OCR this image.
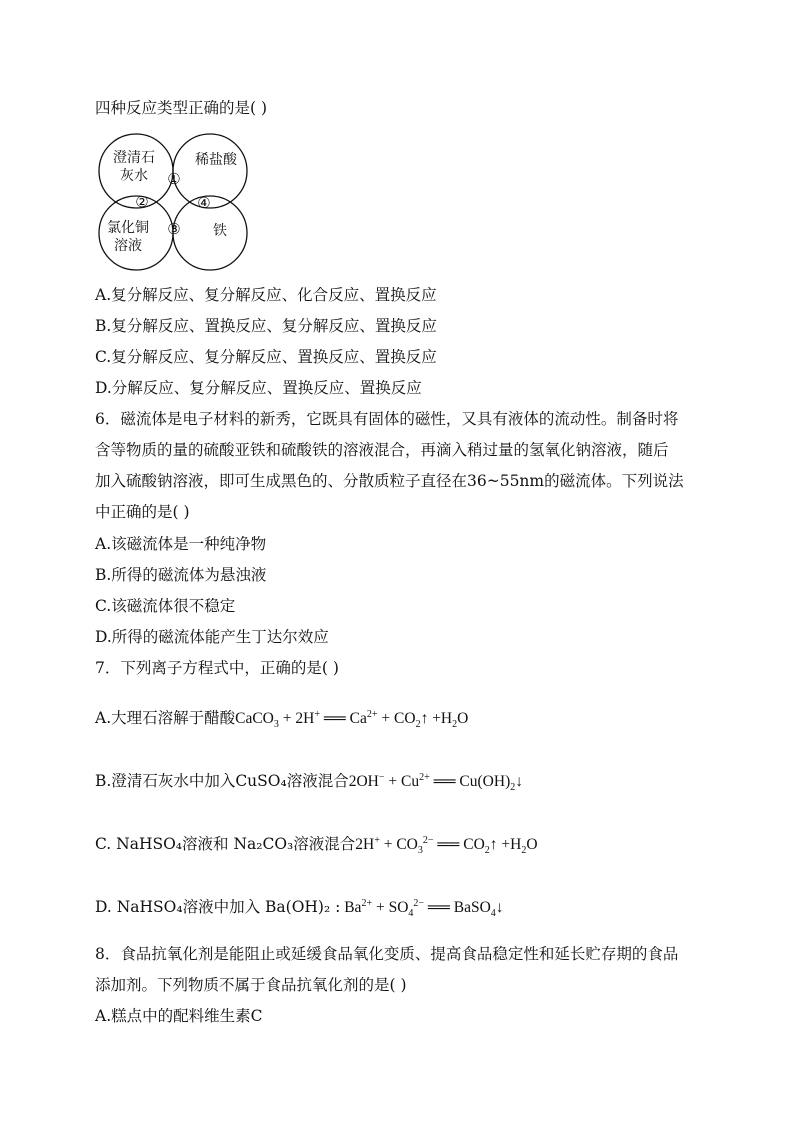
四种反应类型正确的是( )
澄清石
灰水
稀盐酸
氯化铜
溶液
铁
①
②
③
④
A.复分解反应、复分解反应、化合反应、置换反应
B.复分解反应、置换反应、复分解反应、置换反应
C.复分解反应、复分解反应、置换反应、置换反应
D.分解反应、复分解反应、置换反应、置换反应
6．磁流体是电子材料的新秀，它既具有固体的磁性，又具有液体的流动性。制备时将
含等物质的量的硫酸亚铁和硫酸铁的溶液混合，再滴入稍过量的氢氧化钠溶液，随后
加入硫酸钠溶液，即可生成黑色的、分散质粒子直径在36~55nm的磁流体。下列说法
中正确的是( )
A.该磁流体是一种纯净物
B.所得的磁流体为悬浊液
C.该磁流体很不稳定
D.所得的磁流体能产生丁达尔效应
7．下列离子方程式中，正确的是( )
A.大理石溶解于醋酸CaCO$_3$ + 2H+ ══ $Ca^{2+}$ + $CO_2↑ +H_2O$
B.澄清石灰水中加入CuSO₄溶液混合$2OH^- + Cu^{2+}$ ══ $Cu(OH)_2↓$
C. NaHSO₄溶液和 Na₂CO₃溶液混合$2H^+ + CO_3^{2-}$ ══ $CO_2↑ +H_2O$
D. NaHSO₄溶液中加入 Ba(OH)₂ : $Ba^{2+} + SO_4^{2-}$ ══ BaSO$_4$↓
8．食品抗氧化剂是能阻止或延缓食品氧化变质、提高食品稳定性和延长贮存期的食品
添加剂。下列物质不属于食品抗氧化剂的是( )
A.糕点中的配料维生素C
